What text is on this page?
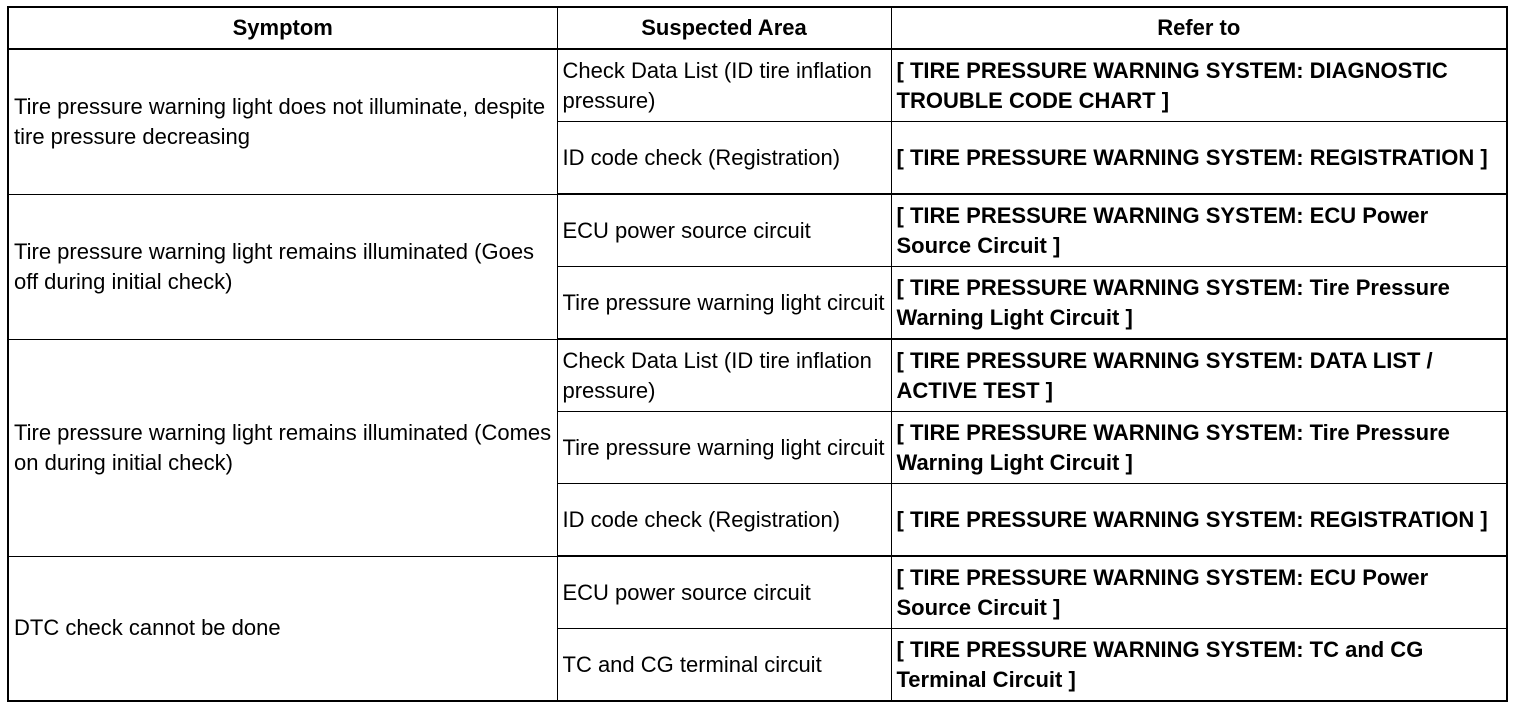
Symptom	Suspected Area	Refer to
Tire pressure warning light does not illuminate, despite tire pressure decreasing	Check Data List (ID tire inflation pressure)	[ TIRE PRESSURE WARNING SYSTEM: DIAGNOSTIC TROUBLE CODE CHART ]
	ID code check (Registration)	[ TIRE PRESSURE WARNING SYSTEM: REGISTRATION ]
Tire pressure warning light remains illuminated (Goes off during initial check)	ECU power source circuit	[ TIRE PRESSURE WARNING SYSTEM: ECU Power Source Circuit ]
	Tire pressure warning light circuit	[ TIRE PRESSURE WARNING SYSTEM: Tire Pressure Warning Light Circuit ]
Tire pressure warning light remains illuminated (Comes on during initial check)	Check Data List (ID tire inflation pressure)	[ TIRE PRESSURE WARNING SYSTEM: DATA LIST / ACTIVE TEST ]
	Tire pressure warning light circuit	[ TIRE PRESSURE WARNING SYSTEM: Tire Pressure Warning Light Circuit ]
	ID code check (Registration)	[ TIRE PRESSURE WARNING SYSTEM: REGISTRATION ]
DTC check cannot be done	ECU power source circuit	[ TIRE PRESSURE WARNING SYSTEM: ECU Power Source Circuit ]
	TC and CG terminal circuit	[ TIRE PRESSURE WARNING SYSTEM: TC and CG Terminal Circuit ]
